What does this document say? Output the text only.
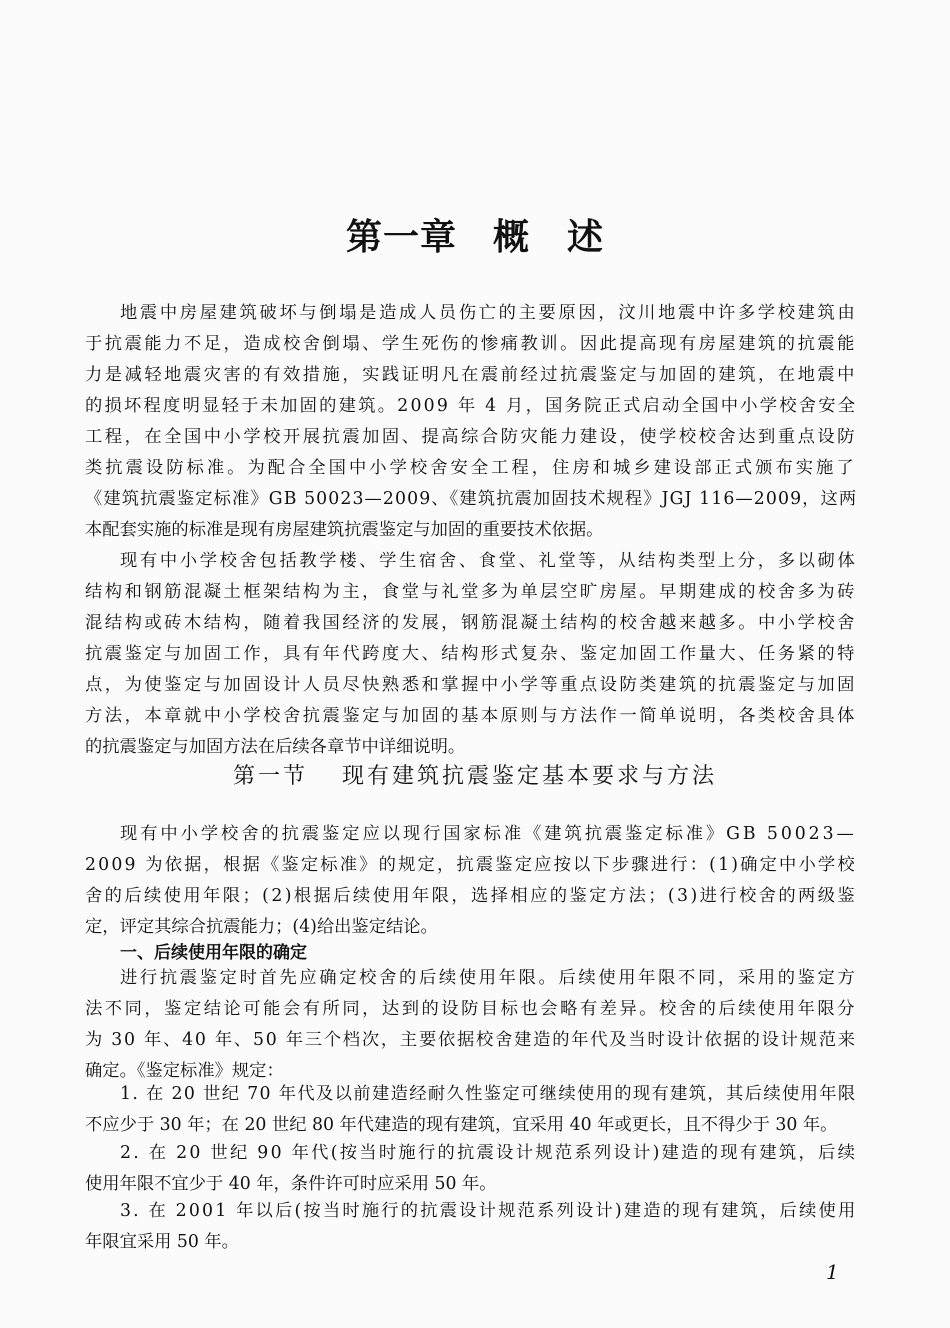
第一章 概　述
地震中房屋建筑破坏与倒塌是造成人员伤亡的主要原因，汶川地震中许多学校建筑由
于抗震能力不足，造成校舍倒塌、学生死伤的惨痛教训。因此提高现有房屋建筑的抗震能
力是减轻地震灾害的有效措施，实践证明凡在震前经过抗震鉴定与加固的建筑，在地震中
的损坏程度明显轻于未加固的建筑。2009 年 4 月，国务院正式启动全国中小学校舍安全
工程，在全国中小学校开展抗震加固、提高综合防灾能力建设，使学校校舍达到重点设防
类抗震设防标准。为配合全国中小学校舍安全工程，住房和城乡建设部正式颁布实施了
《建筑抗震鉴定标准》GB 50023—2009、《建筑抗震加固技术规程》JGJ 116—2009，这两
本配套实施的标准是现有房屋建筑抗震鉴定与加固的重要技术依据。
现有中小学校舍包括教学楼、学生宿舍、食堂、礼堂等，从结构类型上分，多以砌体
结构和钢筋混凝土框架结构为主，食堂与礼堂多为单层空旷房屋。早期建成的校舍多为砖
混结构或砖木结构，随着我国经济的发展，钢筋混凝土结构的校舍越来越多。中小学校舍
抗震鉴定与加固工作，具有年代跨度大、结构形式复杂、鉴定加固工作量大、任务紧的特
点，为使鉴定与加固设计人员尽快熟悉和掌握中小学等重点设防类建筑的抗震鉴定与加固
方法，本章就中小学校舍抗震鉴定与加固的基本原则与方法作一简单说明，各类校舍具体
的抗震鉴定与加固方法在后续各章节中详细说明。
第一节 现有建筑抗震鉴定基本要求与方法
现有中小学校舍的抗震鉴定应以现行国家标准《建筑抗震鉴定标准》GB 50023—
2009 为依据，根据《鉴定标准》的规定，抗震鉴定应按以下步骤进行：(1)确定中小学校
舍的后续使用年限；(2)根据后续使用年限，选择相应的鉴定方法；(3)进行校舍的两级鉴
定，评定其综合抗震能力；(4)给出鉴定结论。
一、后续使用年限的确定
进行抗震鉴定时首先应确定校舍的后续使用年限。后续使用年限不同，采用的鉴定方
法不同，鉴定结论可能会有所同，达到的设防目标也会略有差异。校舍的后续使用年限分
为 30 年、40 年、50 年三个档次，主要依据校舍建造的年代及当时设计依据的设计规范来
确定。《鉴定标准》规定：
1. 在 20 世纪 70 年代及以前建造经耐久性鉴定可继续使用的现有建筑，其后续使用年限
不应少于 30 年；在 20 世纪 80 年代建造的现有建筑，宜采用 40 年或更长，且不得少于 30 年。
2. 在 20 世纪 90 年代(按当时施行的抗震设计规范系列设计)建造的现有建筑，后续
使用年限不宜少于 40 年，条件许可时应采用 50 年。
3. 在 2001 年以后(按当时施行的抗震设计规范系列设计)建造的现有建筑，后续使用
年限宜采用 50 年。
1
